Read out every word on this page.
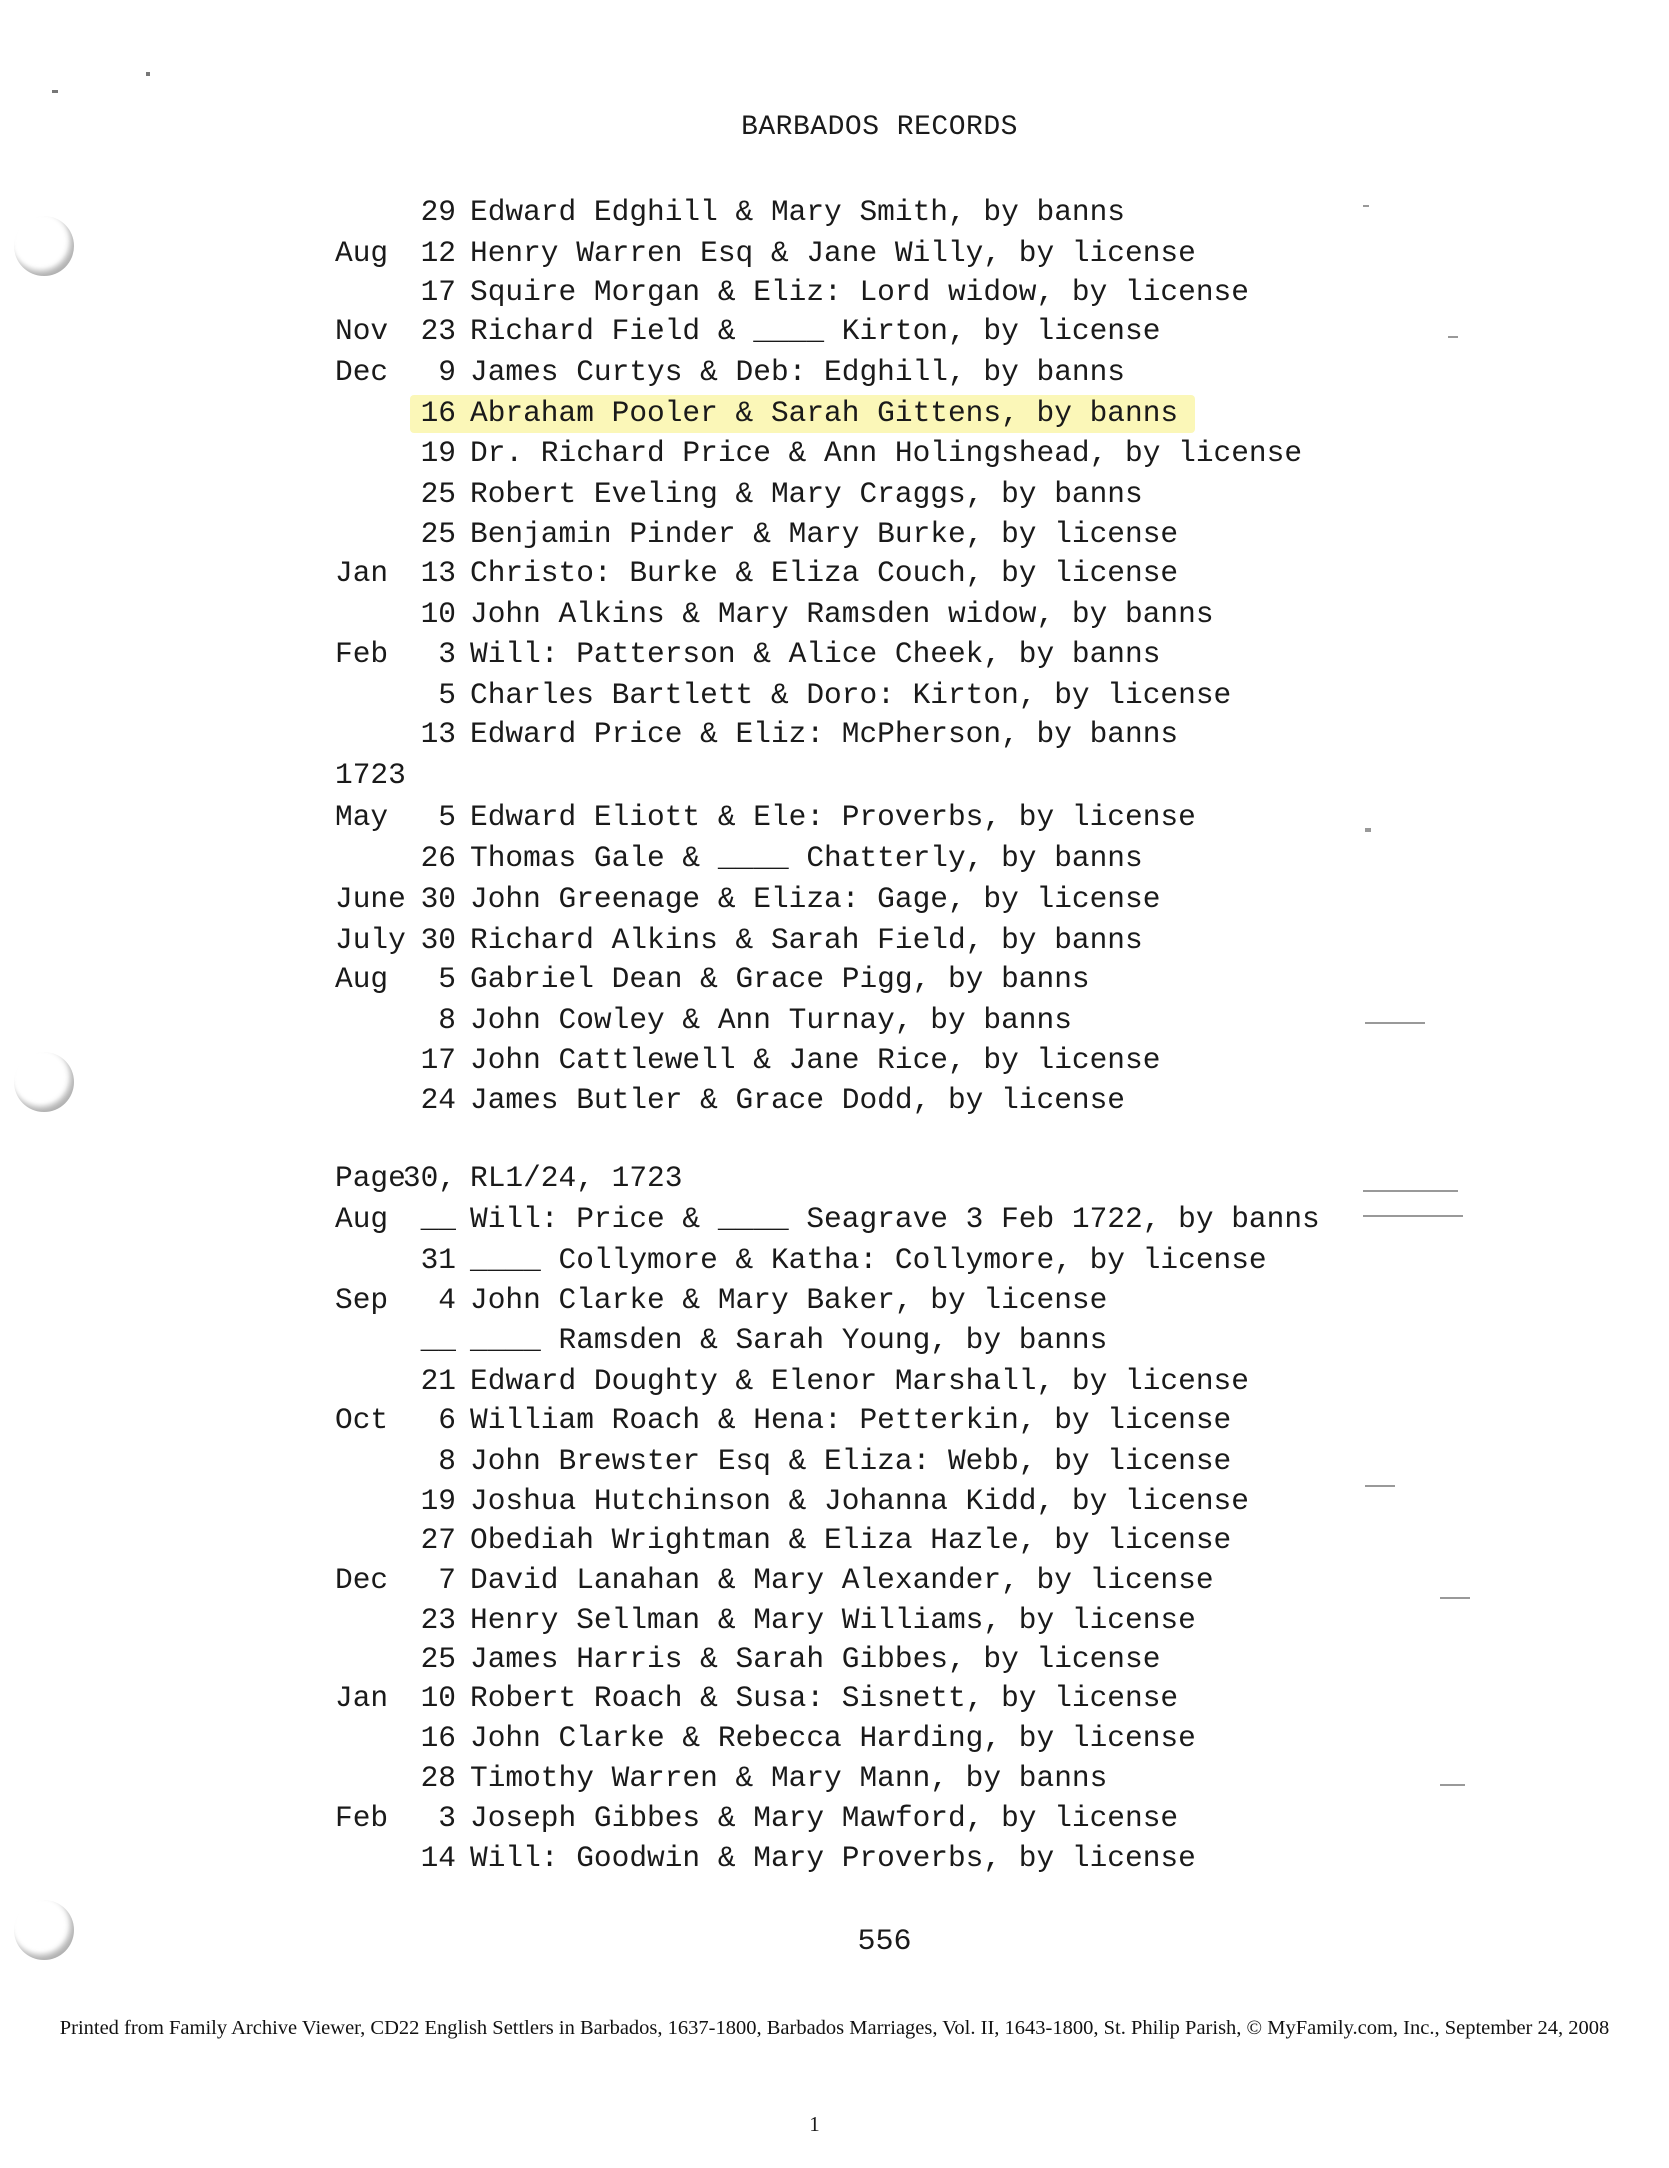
BARBADOS RECORDS
29 Edward Edghill & Mary Smith, by banns
Aug	12 Henry Warren Esq & Jane Willy, by license
17 Squire Morgan & Eliz: Lord widow, by license
Nov	23 Richard Field & ____ Kirton, by license
Dec	9 James Curtys & Deb: Edghill, by banns
16 Abraham Pooler & Sarah Gittens, by banns
19 Dr. Richard Price & Ann Holingshead, by license
25 Robert Eveling & Mary Craggs, by banns
25 Benjamin Pinder & Mary Burke, by license
Jan	13 Christo: Burke & Eliza Couch, by license
10 John Alkins & Mary Ramsden widow, by banns
Feb	3 Will: Patterson & Alice Cheek, by banns
5 Charles Bartlett & Doro: Kirton, by license
13 Edward Price & Eliz: McPherson, by banns
1723
May	5 Edward Eliott & Ele: Proverbs, by license
26 Thomas Gale & ____ Chatterly, by banns
June 30 John Greenage & Eliza: Gage, by license
July 30 Richard Alkins & Sarah Field, by banns
Aug	5 Gabriel Dean & Grace Pigg, by banns
8 John Cowley & Ann Turnay, by banns
17 John Cattlewell & Jane Rice, by license
24 James Butler & Grace Dodd, by license
Page
30, RL1/24, 1723
Aug	__ Will: Price & ____ Seagrave 3 Feb 1722, by banns
31 ____ Collymore & Katha: Collymore, by license
Sep	4 John Clarke & Mary Baker, by license
__ ____ Ramsden & Sarah Young, by banns
21 Edward Doughty & Elenor Marshall, by license
Oct	6 William Roach & Hena: Petterkin, by license
8 John Brewster Esq & Eliza: Webb, by license
19 Joshua Hutchinson & Johanna Kidd, by license
27 Obediah Wrightman & Eliza Hazle, by license
Dec	7 David Lanahan & Mary Alexander, by license
23 Henry Sellman & Mary Williams, by license
25 James Harris & Sarah Gibbes, by license
Jan	10 Robert Roach & Susa: Sisnett, by license
16 John Clarke & Rebecca Harding, by license
28 Timothy Warren & Mary Mann, by banns
Feb	3 Joseph Gibbes & Mary Mawford, by license
14 Will: Goodwin & Mary Proverbs, by license
556
Printed from Family Archive Viewer, CD22 English Settlers in Barbados, 1637-1800, Barbados Marriages, Vol. II, 1643-1800, St. Philip Parish, © MyFamily.com, Inc., September 24, 2008
1
